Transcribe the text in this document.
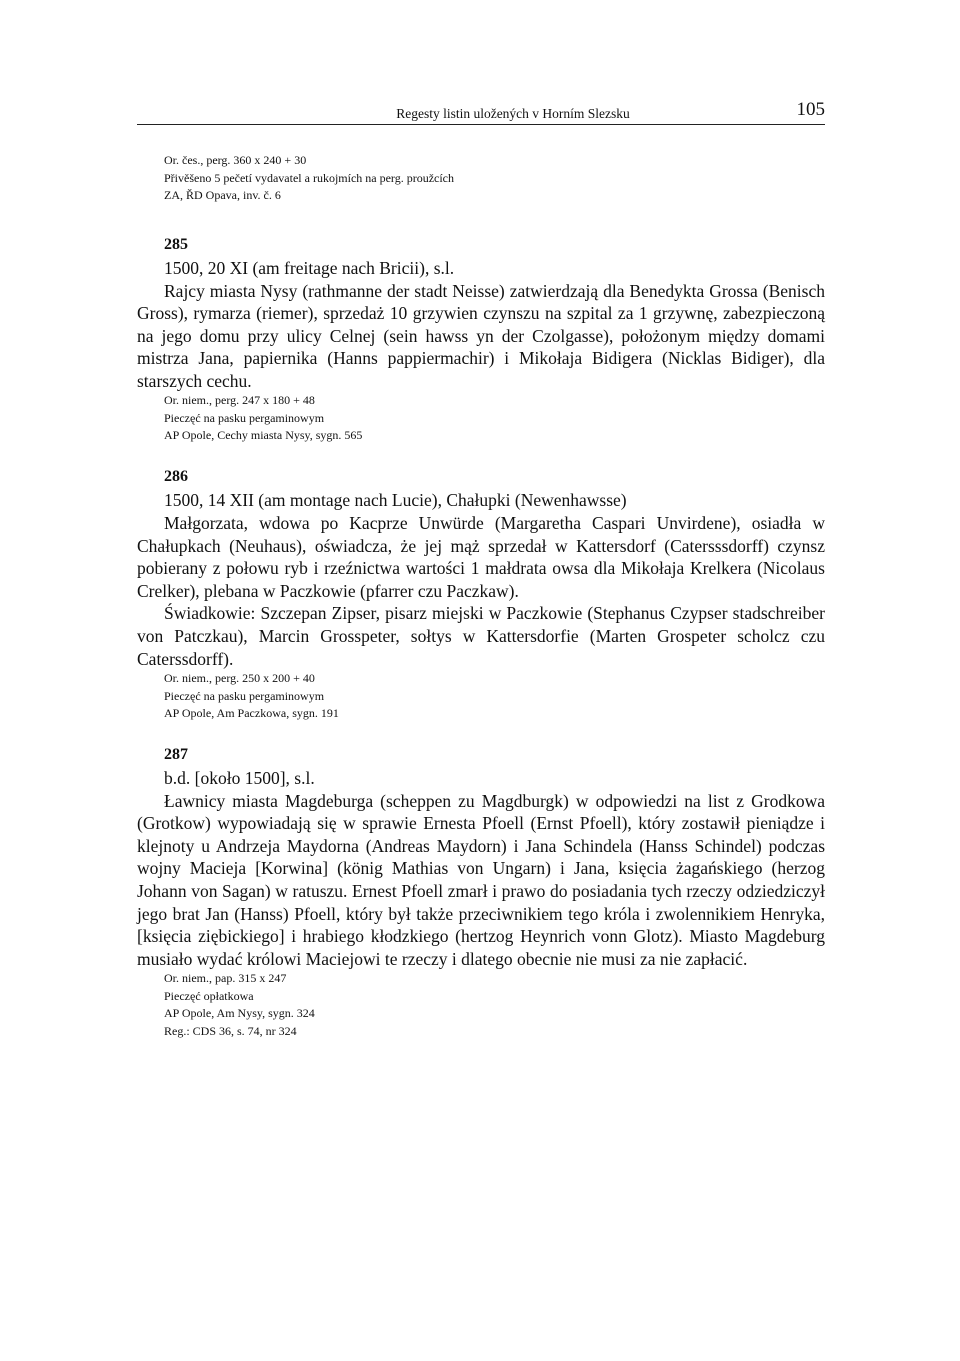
Regesty listin uložených v Horním Slezsku	105
Or. čes., perg. 360 x 240 + 30
Přivěšeno 5 pečetí vydavatel a rukojmích na perg. proužcích
ZA, ŘD Opava, inv. č. 6
285
1500, 20 XI (am freitage nach Bricii), s.l.

Rajcy miasta Nysy (rathmanne der stadt Neisse) zatwierdzają dla Benedykta Grossa (Benisch Gross), rymarza (riemer), sprzedaż 10 grzywien czynszu na szpital za 1 grzywnę, zabezpieczoną na jego domu przy ulicy Celnej (sein hawss yn der Czolgasse), położonym między domami mistrza Jana, papiernika (Hanns pappiermachir) i Mikołaja Bidigera (Nicklas Bidiger), dla starszych cechu.

Or. niem., perg. 247 x 180 + 48
Pieczęć na pasku pergaminowym
AP Opole, Cechy miasta Nysy, sygn. 565
286
1500, 14 XII (am montage nach Lucie), Chałupki (Newenhawsse)

Małgorzata, wdowa po Kacprze Unwürde (Margaretha Caspari Unvirdene), osiadła w Chałupkach (Neuhaus), oświadcza, że jej mąż sprzedał w Kattersdorf (Catersssdorff) czynsz pobierany z połowu ryb i rzeźnictwa wartości 1 małdrata owsa dla Mikołaja Krelkera (Nicolaus Crelker), plebana w Paczkowie (pfarrer czu Paczkaw).

Świadkowie: Szczepan Zipser, pisarz miejski w Paczkowie (Stephanus Czypser stadschreiber von Patczkau), Marcin Grosspeter, sołtys w Kattersdorfie (Marten Grospeter scholcz czu Caterssdorff).

Or. niem., perg. 250 x 200 + 40
Pieczęć na pasku pergaminowym
AP Opole, Am Paczkowa, sygn. 191
287
b.d. [około 1500], s.l.

Ławnicy miasta Magdeburga (scheppen zu Magdburgk) w odpowiedzi na list z Grodkowa (Grotkow) wypowiadają się w sprawie Ernesta Pfoell (Ernst Pfoell), który zostawił pieniądze i klejnoty u Andrzeja Maydorna (Andreas Maydorn) i Jana Schindela (Hanss Schindel) podczas wojny Macieja [Korwina] (könig Mathias von Ungarn) i Jana, księcia żagańskiego (herzog Johann von Sagan) w ratuszu. Ernest Pfoell zmarł i prawo do posiadania tych rzeczy odziedziczył jego brat Jan (Hanss) Pfoell, który był także przeciwnikiem tego króla i zwolennikiem Henryka, [księcia ziębickiego] i hrabiego kłodzkiego (hertzog Heynrich vonn Glotz). Miasto Magdeburg musiało wydać królowi Maciejowi te rzeczy i dlatego obecnie nie musi za nie zapłacić.

Or. niem., pap. 315 x 247
Pieczęć opłatkowa
AP Opole, Am Nysy, sygn. 324
Reg.: CDS 36, s. 74, nr 324
